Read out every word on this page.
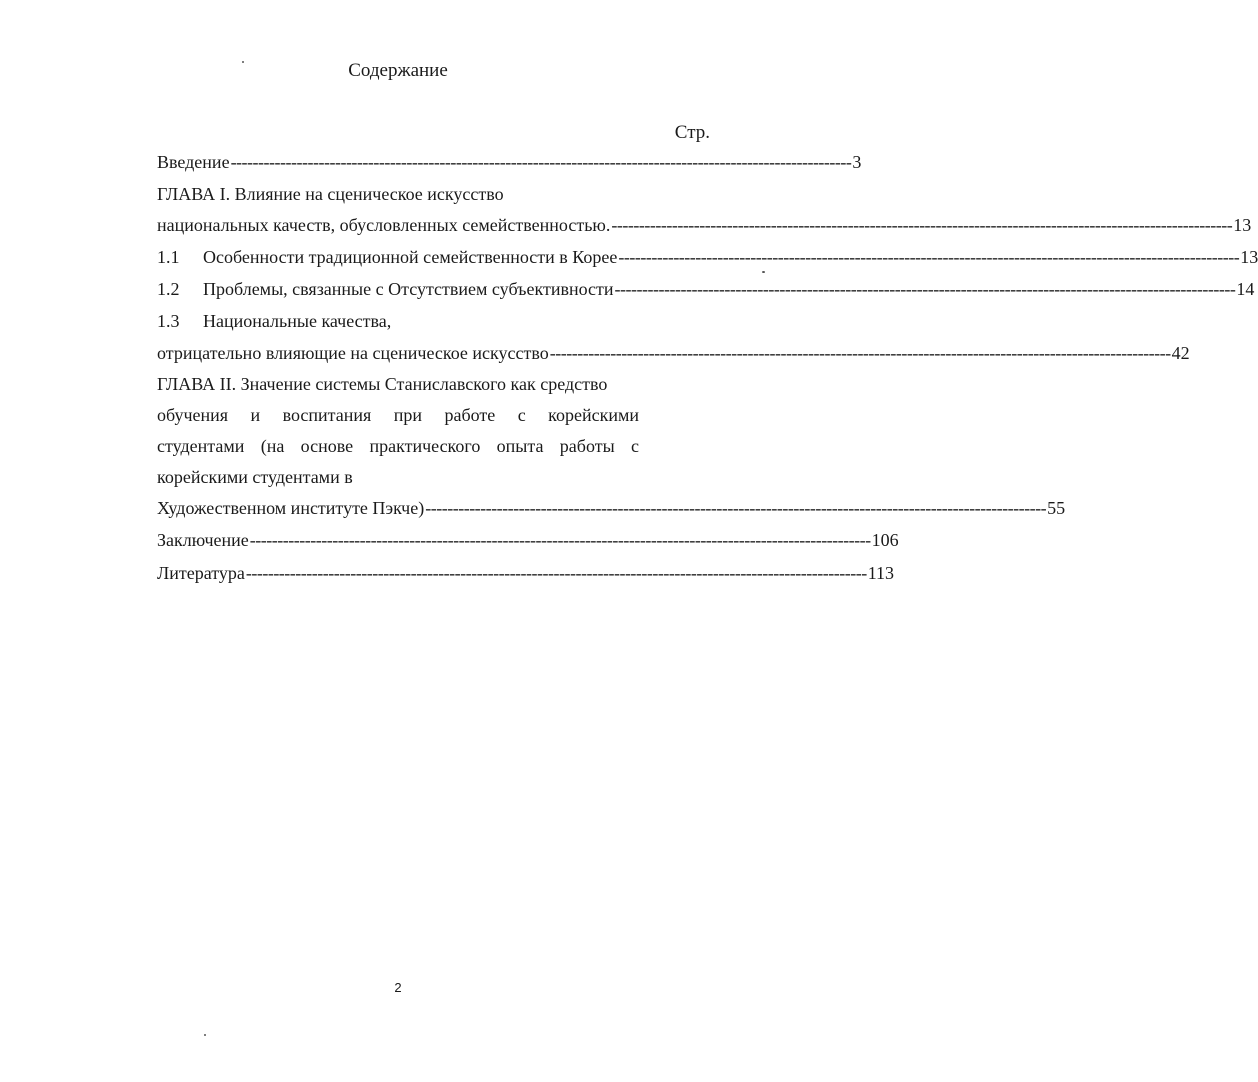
Содержание
Стр.
Введение ----------------------------------------------------------------------------------------------------------------- 3
ГЛАВА I. Влияние на сценическое искусство
национальных качеств, обусловленных семейственностью. ----------------------------------------------------------------------------------------------------------------- 13
1.1 Особенности традиционной семейственности в Корее ----------------------------------------------------------------------------------------------------------------- 13
1.2 Проблемы, связанные с Отсутствием субъективности ----------------------------------------------------------------------------------------------------------------- 14
1.3 Национальные качества,
отрицательно влияющие на сценическое искусство ----------------------------------------------------------------------------------------------------------------- 42
ГЛАВА II. Значение системы Станиславского как средство
обучения и воспитания при работе с корейскими
студентами (на основе практического опыта работы с
корейскими студентами в
Художественном институте Пэкче) ----------------------------------------------------------------------------------------------------------------- 55
Заключение ----------------------------------------------------------------------------------------------------------------- 106
Литература ----------------------------------------------------------------------------------------------------------------- 113
2
